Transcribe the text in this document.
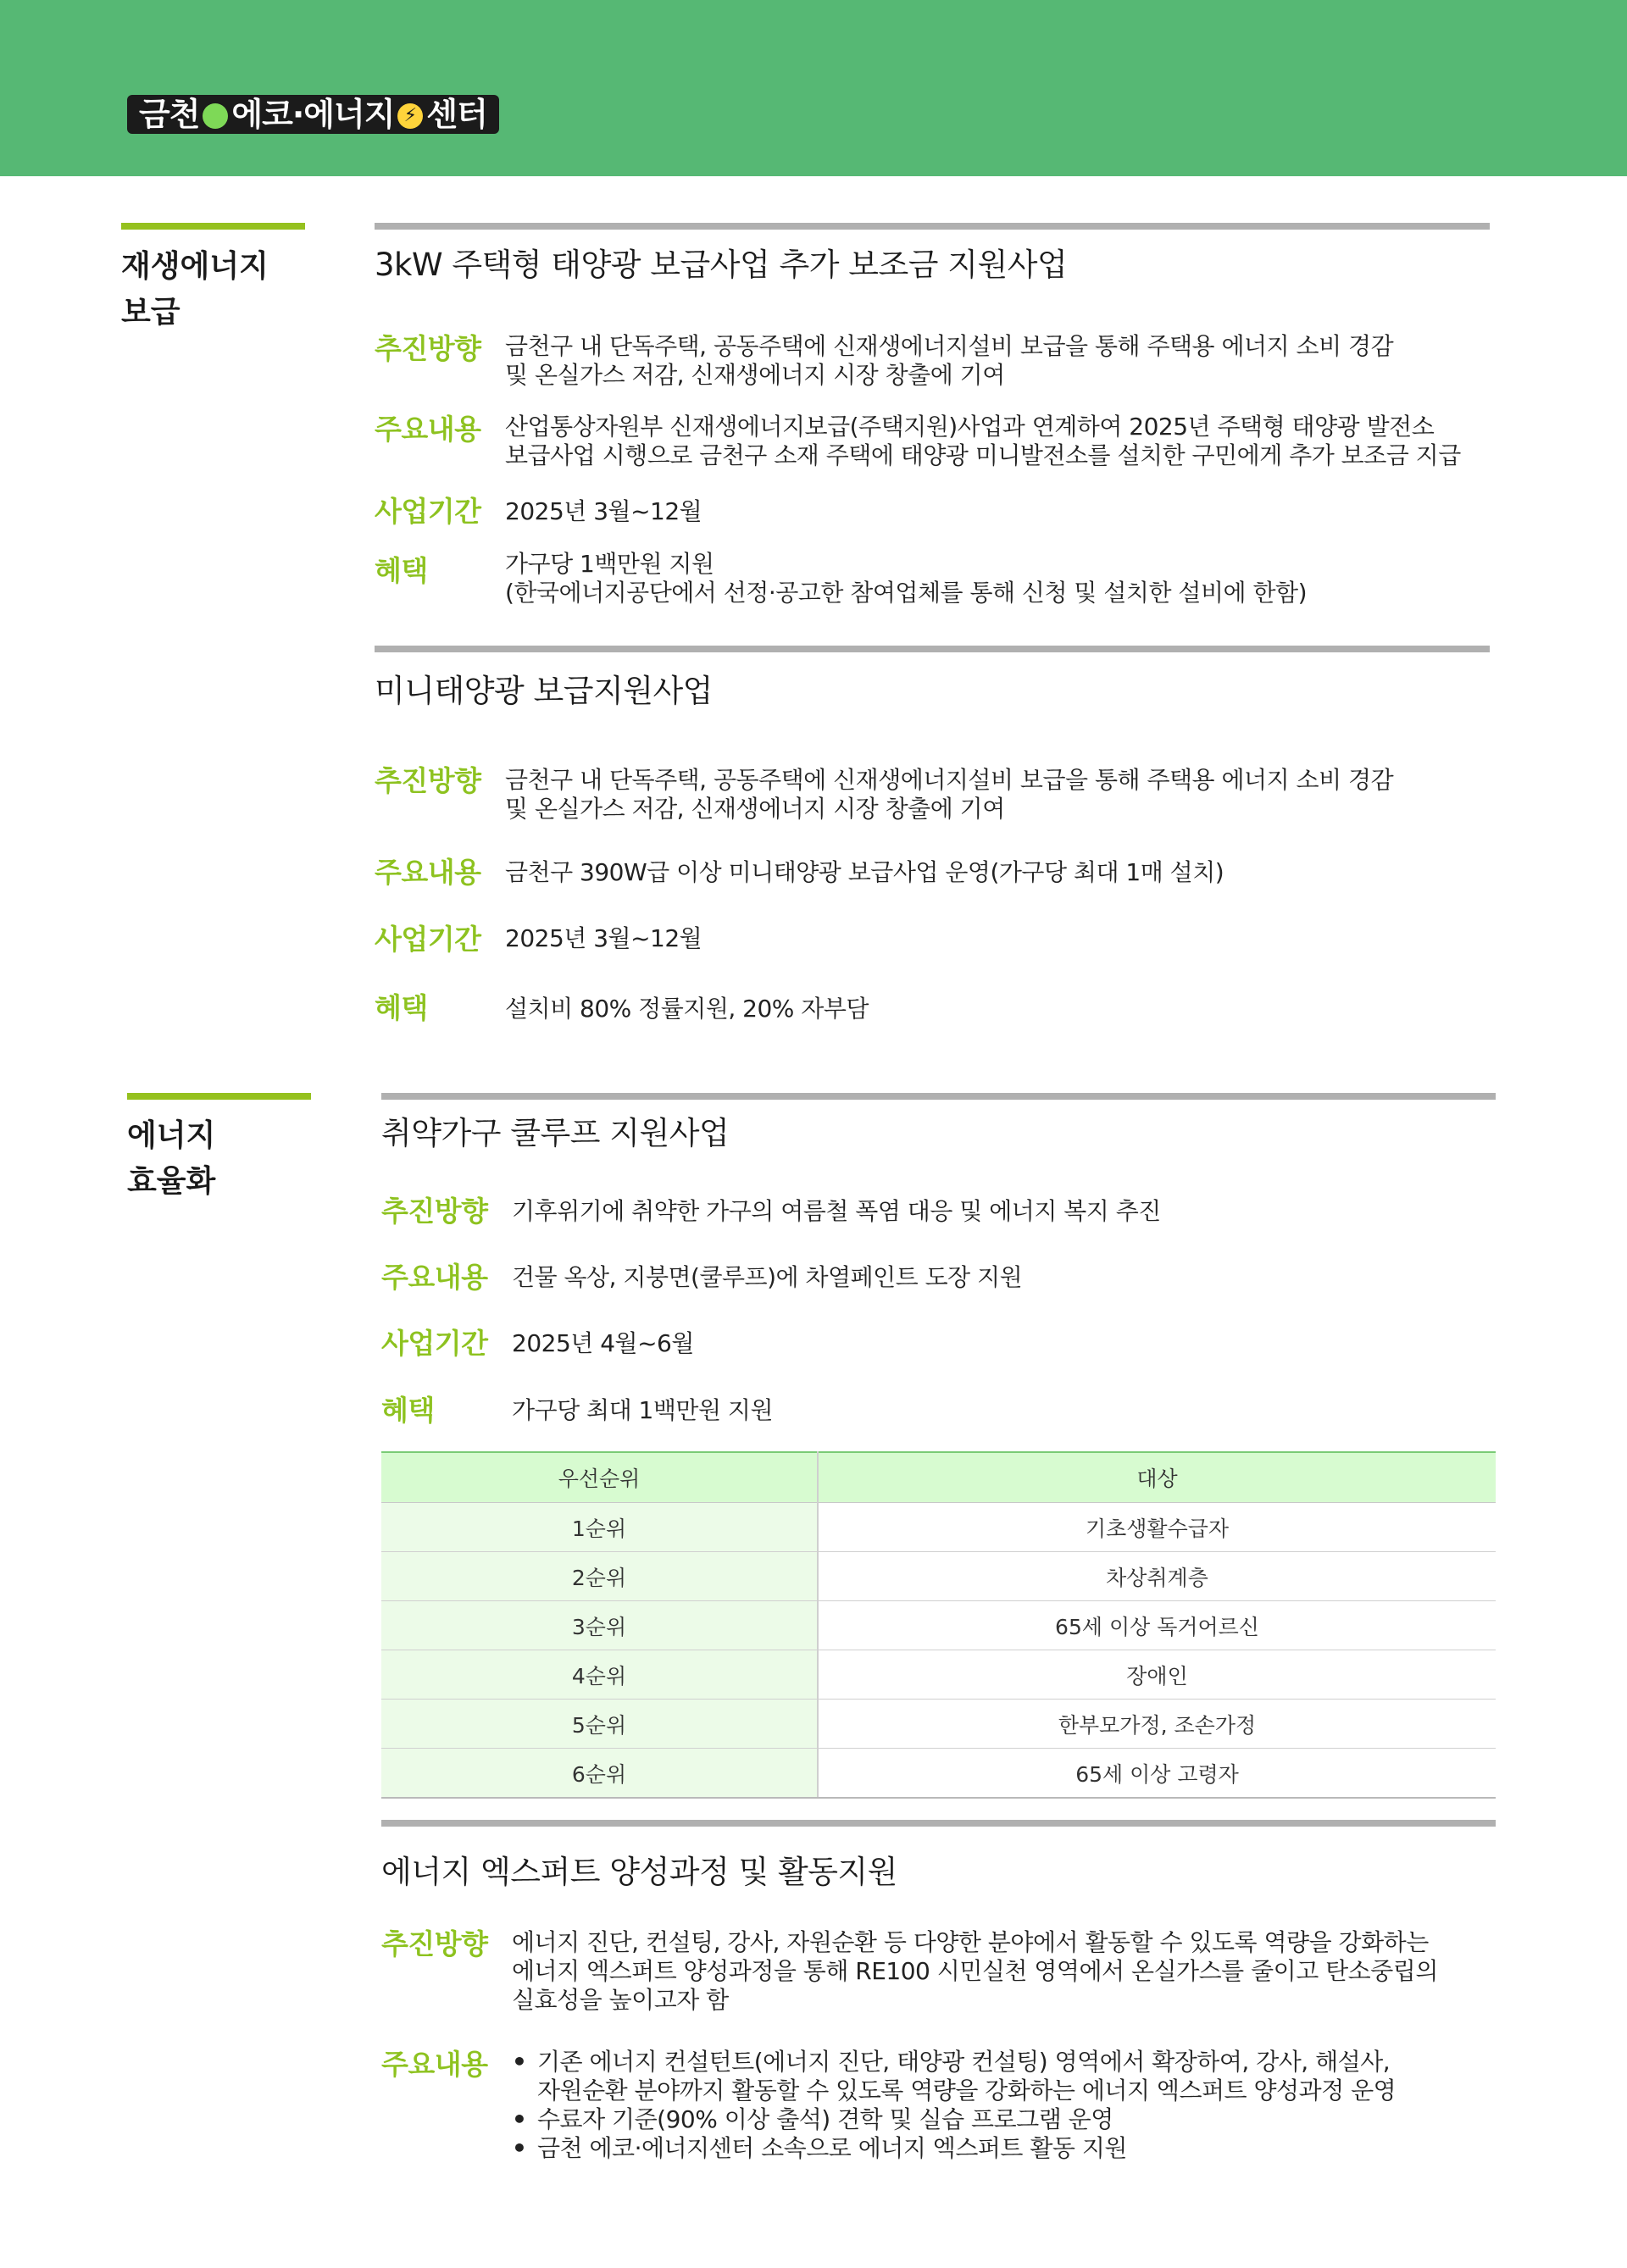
금천 에코·에너지 ⚡ 센터
재생에너지
보급
3kW 주택형 태양광 보급사업 추가 보조금 지원사업
추진방향 금천구 내 단독주택, 공동주택에 신재생에너지설비 보급을 통해 주택용 에너지 소비 경감
및 온실가스 저감, 신재생에너지 시장 창출에 기여
주요내용 산업통상자원부 신재생에너지보급(주택지원)사업과 연계하여 2025년 주택형 태양광 발전소
보급사업 시행으로 금천구 소재 주택에 태양광 미니발전소를 설치한 구민에게 추가 보조금 지급
사업기간 2025년 3월~12월
혜택	가구당 1백만원 지원
(한국에너지공단에서 선정·공고한 참여업체를 통해 신청 및 설치한 설비에 한함)
미니태양광 보급지원사업
추진방향 금천구 내 단독주택, 공동주택에 신재생에너지설비 보급을 통해 주택용 에너지 소비 경감
및 온실가스 저감, 신재생에너지 시장 창출에 기여
주요내용 금천구 390W급 이상 미니태양광 보급사업 운영(가구당 최대 1매 설치)
사업기간 2025년 3월~12월
혜택	설치비 80% 정률지원, 20% 자부담
에너지
효율화
취약가구 쿨루프 지원사업
추진방향 기후위기에 취약한 가구의 여름철 폭염 대응 및 에너지 복지 추진
주요내용 건물 옥상, 지붕면(쿨루프)에 차열페인트 도장 지원
사업기간 2025년 4월~6월
혜택	가구당 최대 1백만원 지원
우선순위	대상
1순위	기초생활수급자
2순위	차상취계층
3순위	65세 이상 독거어르신
4순위	장애인
5순위	한부모가정, 조손가정
6순위	65세 이상 고령자
에너지 엑스퍼트 양성과정 및 활동지원
추진방향 에너지 진단, 컨설팅, 강사, 자원순환 등 다양한 분야에서 활동할 수 있도록 역량을 강화하는
에너지 엑스퍼트 양성과정을 통해 RE100 시민실천 영역에서 온실가스를 줄이고 탄소중립의
실효성을 높이고자 함
주요내용 • 기존 에너지 컨설턴트(에너지 진단, 태양광 컨설팅) 영역에서 확장하여, 강사, 해설사,
자원순환 분야까지 활동할 수 있도록 역량을 강화하는 에너지 엑스퍼트 양성과정 운영
• 수료자 기준(90% 이상 출석) 견학 및 실습 프로그램 운영
• 금천 에코·에너지센터 소속으로 에너지 엑스퍼트 활동 지원
